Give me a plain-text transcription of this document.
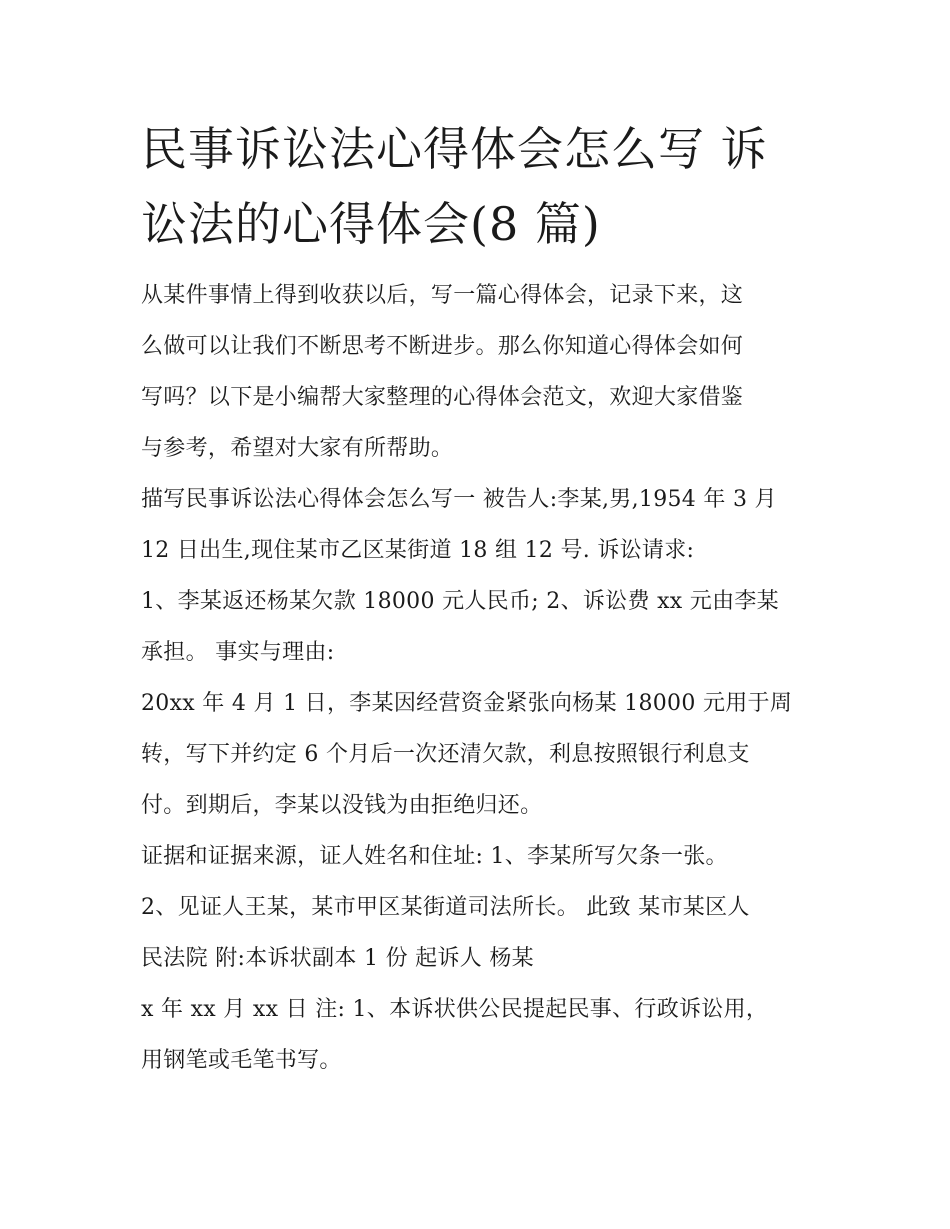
民事诉讼法心得体会怎么写 诉
讼法的心得体会(8 篇)

从某件事情上得到收获以后，写一篇心得体会，记录下来，这
么做可以让我们不断思考不断进步。那么你知道心得体会如何
写吗？以下是小编帮大家整理的心得体会范文，欢迎大家借鉴
与参考，希望对大家有所帮助。

描写民事诉讼法心得体会怎么写一 被告人:李某,男,1954 年 3 月
12 日出生,现住某市乙区某街道 18 组 12 号. 诉讼请求:

1、李某返还杨某欠款 18000 元人民币; 2、诉讼费 xx 元由李某
承担。 事实与理由:

20xx 年 4 月 1 日，李某因经营资金紧张向杨某 18000 元用于周
转，写下并约定 6 个月后一次还清欠款，利息按照银行利息支
付。到期后，李某以没钱为由拒绝归还。

证据和证据来源，证人姓名和住址: 1、李某所写欠条一张。

2、见证人王某，某市甲区某街道司法所长。 此致 某市某区人
民法院 附:本诉状副本 1 份 起诉人 杨某

x 年 xx 月 xx 日 注: 1、本诉状供公民提起民事、行政诉讼用，
用钢笔或毛笔书写。
